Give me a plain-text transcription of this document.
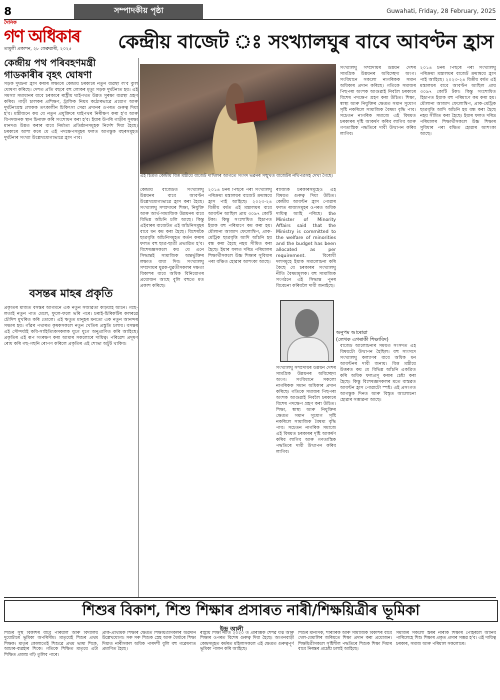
8	সম্পাদকীয় পৃষ্ঠা	Guwahati, Friday, 28 February, 2025
দৈনিক
গণ অধিকাৰ
তামুলী প্ৰকাশন, ২৮ ফেব্ৰুৱাৰী, ২০২৫	কেন্দ্ৰীয় বাজেট ঃ সংখ্যালঘুৰ বাবে আবণ্টন হ্ৰাস
কেন্দ্ৰীয় পথ পৰিবহণমন্ত্ৰী গাডকাৰীৰ বৃহৎ ঘোষণা
সড়ক দুৰ্ঘটনা হ্ৰাস কৰাৰ লক্ষ্যৰে কেন্দ্ৰীয় চৰকাৰে নতুন ব্যৱস্থা ল'ব বুলি ঘোষণা কৰিছে। দেশত প্ৰতি বছৰে বহু লোকৰ মৃত্যু সড়ক দুৰ্ঘটনাত হয়। এই সমস্যা সমাধানৰ বাবে চৰকাৰে ৰাষ্ট্ৰীয় ঘাইপথত উন্নত সুৰক্ষা ব্যৱস্থা গ্ৰহণ কৰিব। গাড়ী চালকৰ প্ৰশিক্ষণ, ট্ৰাফিক নিয়ম কঠোৰভাৱে প্ৰয়োগ আৰু দুৰ্ঘটনাগ্ৰস্ত লোকক তৎকালীন চিকিৎসা সেৱা প্ৰদানৰ ওপৰত গুৰুত্ব দিয়া হ'ব। মন্ত্ৰীজনে কয় যে নতুন প্ৰযুক্তিৰে ঘাইপথৰ নিৰীক্ষণ কৰা হ'ব আৰু বিপদজনক স্থান চিনাক্ত কৰি সংশোধন কৰা হ'ব। ইয়াৰ উপৰি গাড়ীৰ সুৰক্ষা মানদণ্ড উন্নত কৰাৰ বাবে নিৰ্মাতা প্ৰতিষ্ঠানসমূহক নিৰ্দেশ দিয়া হৈছে। চৰকাৰে আশা কৰে যে এই পদক্ষেপসমূহৰ ফলত আগন্তুক বছৰসমূহত দুৰ্ঘটনাৰ সংখ্যা উল্লেখযোগ্যভাৱে হ্ৰাস পাব।
বসন্তৰ মাহৰ প্ৰকৃতি
প্ৰকৃতিৰ মাজত বসন্তৰ আগমনে এক নতুন সজীৱতা কঢ়িয়াই আনে। গছে-লতাই নতুন পাত মেলে, ফুলে-ফলে ভৰি পৰে। চৰাই-চিৰিকটিৰ কলৰৱে চৌদিশ মুখৰিত কৰি তোলে। এই ঋতুত মানুহৰ মনতো এক নতুন আনন্দৰ সঞ্চাৰ হয়। গাঁৱৰ পথাৰত কৃষকসকলে নতুন খেতিৰ প্ৰস্তুতি চলায়। বসন্তৰ এই সৌন্দৰ্য্যই কবি-সাহিত্যিকসকলক যুগে যুগে অনুপ্ৰাণিত কৰি আহিছে। প্ৰকৃতিৰ এই ৰূপ সংৰক্ষণ কৰা আমাৰ সকলোৰে দায়িত্ব। পৰিৱেশ প্ৰদূষণ ৰোধ কৰি গছ-গছনি ৰোপণ কৰিলে প্ৰকৃতিৰ এই শোভা অটুট থাকিব।
এই চিত্ৰত কেন্দ্ৰীয় বিত্ত মন্ত্ৰীয়ে বাজেট দাখিলৰ আগতে সংসদ ভৱনৰ সন্মুখত বাজেটৰ নথিপত্ৰসহ দেখা গৈছে।
কেন্দ্ৰীয় বাজেটত সংখ্যালঘু উন্নয়নৰ বাবে আবণ্টন উল্লেখযোগ্যভাৱে হ্ৰাস কৰা হৈছে। সংখ্যালঘু সম্প্ৰদায়ৰ শিক্ষা, নিযুক্তি আৰু আৰ্থ-সামাজিক উন্নয়নৰ বাবে বিভিন্ন আঁচনি চলি আছে। কিন্তু এইবাৰৰ বাজেটত এই আঁচনিসমূহৰ বাবে ধন কম কৰা হৈছে। বিশেষকৈ ছাত্ৰবৃত্তি আঁচনিসমূহত কৰ্তন কৰাৰ ফলত বহু ছাত্ৰ-ছাত্ৰী প্ৰভাৱিত হ'ব। বিশেষজ্ঞসকলে কয় যে এনে সিদ্ধান্তই সামাজিক অন্তৰ্ভুক্তিৰ লক্ষ্যত বাধা দিব। সংখ্যালঘু সম্প্ৰদায়ৰ যুৱক-যুৱতীসকলৰ দক্ষতা বিকাশৰ বাবে অধিক বিনিয়োগৰ প্ৰয়োজন আছে বুলি বহুতে মত প্ৰকাশ কৰিছে।
২০১৪ চনৰ পিছৰে পৰা সংখ্যালঘু পৰিক্ৰমা মন্ত্ৰালয়ৰ বাজেট ক্ৰমান্বয়ে হ্ৰাস পাই আহিছে। ২০২৩-২৪ বিত্তীয় বৰ্ষত এই মন্ত্ৰালয়ৰ বাবে আবণ্টন আছিল প্ৰায় ৩০৯৭ কোটি টকা। কিন্তু সংশোধিত হিচাপত ইয়াক বহু পৰিমাণে কম কৰা হয়। মৌলানা আজাদ ফেলোশ্বিপ, প্ৰাক-মেট্ৰিক ছাত্ৰবৃত্তি আদি আঁচনি হয় বন্ধ কৰা হৈছে নহয় সীমিত কৰা হৈছে। ইয়াৰ ফলত দৰিদ্ৰ পৰিয়ালৰ শিক্ষাৰ্থীসকলে উচ্চ শিক্ষাৰ সুবিধাৰ পৰা বঞ্চিত হোৱাৰ আশংকা আছে।
ৰাজ্যিক চৰকাৰসমূহেও এই বিষয়ত গুৰুত্ব দিয়া উচিত। কেন্দ্ৰীয় আবণ্টন হ্ৰাস পোৱাৰ ফলত ৰাজ্যসমূহৰ ওপৰত অধিক দায়িত্ব আহি পৰিছে। the Minister of Minority Affairs said that the Ministry is committed to the welfare of minorities and the budget has been allocated as per requirement. বিৰোধী দলসমূহে ইয়াক সমালোচনা কৰি কৈছে যে চৰকাৰৰ সংখ্যালঘু নীতি বৈষম্যমূলক। বহু সামাজিক সংগঠনে এই সিদ্ধান্ত পুনৰ বিবেচনা কৰিবলৈ দাবী জনাইছে।
অনুপম আৰোৱা
(লেখক এগৰাকী শিক্ষাবিদ)
সংখ্যালঘু সম্প্ৰদায়ৰ উন্নয়ন দেশৰ সামগ্ৰিক উন্নয়নৰ অবিচ্ছেদ্য অংগ। সংবিধানে সকলো নাগৰিকক সমান অধিকাৰ প্ৰদান কৰিছে। গতিকে সমাজৰ পিছপৰা অংশক আগুৱাই নিবলৈ চৰকাৰে বিশেষ পদক্ষেপ গ্ৰহণ কৰা উচিত। শিক্ষা, স্বাস্থ্য আৰু নিযুক্তিৰ ক্ষেত্ৰত সমান সুযোগ সৃষ্টি নকৰিলে সামাজিক বৈষম্য বৃদ্ধি পাব। সচেতন নাগৰিক সমাজে এই বিষয়ত চৰকাৰৰ দৃষ্টি আকৰ্ষণ কৰিব লাগিব আৰু গণতান্ত্ৰিক পদ্ধতিৰে দাবী উত্থাপন কৰিব লাগিব।
সংখ্যালঘু সম্প্ৰদায়ৰ উন্নয়ন দেশৰ সামগ্ৰিক উন্নয়নৰ অবিচ্ছেদ্য অংগ। সংবিধানে সকলো নাগৰিকক সমান অধিকাৰ প্ৰদান কৰিছে। গতিকে সমাজৰ পিছপৰা অংশক আগুৱাই নিবলৈ চৰকাৰে বিশেষ পদক্ষেপ গ্ৰহণ কৰা উচিত। শিক্ষা, স্বাস্থ্য আৰু নিযুক্তিৰ ক্ষেত্ৰত সমান সুযোগ সৃষ্টি নকৰিলে সামাজিক বৈষম্য বৃদ্ধি পাব। সচেতন নাগৰিক সমাজে এই বিষয়ত চৰকাৰৰ দৃষ্টি আকৰ্ষণ কৰিব লাগিব আৰু গণতান্ত্ৰিক পদ্ধতিৰে দাবী উত্থাপন কৰিব লাগিব।
বাজেট আলোচনাৰ সময়ত সংসদত এই বিষয়টো উত্থাপন হৈছিল। বহু সাংসদে সংখ্যালঘু কল্যাণৰ বাবে অধিক ধন আবণ্টনৰ দাবী জনায়। বিত্ত মন্ত্ৰীয়ে উত্তৰত কয় যে বিভিন্ন আঁচনি একত্ৰিত কৰি অধিক ফলপ্ৰসূ কৰাৰ চেষ্টা কৰা হৈছে। কিন্তু বিশেষজ্ঞসকলৰ মতে বাস্তৱত আবণ্টন হ্ৰাস পোৱাটো স্পষ্ট। এই প্ৰসংগত আগন্তুক দিনত আৰু বিস্তৃত আলোচনা হোৱাৰ সম্ভাৱনা আছে।
২০১৪ চনৰ পিছৰে পৰা সংখ্যালঘু পৰিক্ৰমা মন্ত্ৰালয়ৰ বাজেট ক্ৰমান্বয়ে হ্ৰাস পাই আহিছে। ২০২৩-২৪ বিত্তীয় বৰ্ষত এই মন্ত্ৰালয়ৰ বাবে আবণ্টন আছিল প্ৰায় ৩০৯৭ কোটি টকা। কিন্তু সংশোধিত হিচাপত ইয়াক বহু পৰিমাণে কম কৰা হয়। মৌলানা আজাদ ফেলোশ্বিপ, প্ৰাক-মেট্ৰিক ছাত্ৰবৃত্তি আদি আঁচনি হয় বন্ধ কৰা হৈছে নহয় সীমিত কৰা হৈছে। ইয়াৰ ফলত দৰিদ্ৰ পৰিয়ালৰ শিক্ষাৰ্থীসকলে উচ্চ শিক্ষাৰ সুবিধাৰ পৰা বঞ্চিত হোৱাৰ আশংকা আছে।
শিশুৰ বিকাশ, শিশু শিক্ষাৰ প্ৰসাৰত নাৰী/শিক্ষয়িত্ৰীৰ ভূমিকা
ইন্দ্ৰ আলী
শিশুৰ সুস্থ বিকাশৰ বাবে পৰিয়াল আৰু বিদ্যালয় দুয়োটাৰে ভূমিকা অপৰিসীম। মাতৃয়েই শিশুৰ প্ৰথম শিক্ষক। মাতৃৰ কোলাতেই শিশুৱে প্ৰথম ভাষা শিকে, আচাৰ-ব্যৱহাৰ শিকে। গতিকে শিক্ষিত মাতৃয়ে এটা শিক্ষিত প্ৰজন্ম গঢ়ি তুলিব পাৰে।
প্ৰাক-প্ৰাথমিক শিক্ষাৰ ক্ষেত্ৰত শিক্ষয়িত্ৰীসকলৰ অৱদান উল্লেখযোগ্য। সৰু সৰু শিশুক স্নেহ আৰু ধৈৰ্য্যৰে শিক্ষা দিয়াত নাৰীসকল অধিক পাৰদৰ্শী বুলি বহু গৱেষণাত প্ৰমাণিত হৈছে।
ৰাষ্ট্ৰীয় শিক্ষা নীতি ২০২০ ত প্ৰাৰম্ভিক শৈশৱ যত্ন আৰু শিক্ষাৰ ওপৰত বিশেষ গুৰুত্ব দিয়া হৈছে। অংগনবাড়ী কেন্দ্ৰসমূহত কৰ্মৰত মহিলাসকলে এই ক্ষেত্ৰত গুৰুত্বপূৰ্ণ ভূমিকা পালন কৰি আহিছে।
শিশুৰ মানসিক, শাৰীৰিক আৰু সামাজিক বিকাশৰ বাবে খেল-ধেমালিৰ জৰিয়তে শিক্ষা প্ৰদান কৰা প্ৰয়োজন। শিক্ষয়িত্ৰীসকলে সৃষ্টিশীল পদ্ধতিৰে শিশুক শিক্ষা দিয়াৰ বাবে নিৰন্তৰ প্ৰচেষ্টা চলাই আহিছে।
সমাজৰ সকলো স্তৰৰ নাৰীক শিক্ষাৰ পোহৰলৈ আনিব পাৰিলেহে শিশু শিক্ষাৰ প্ৰকৃত প্ৰসাৰ সম্ভৱ হ'ব। এই দায়িত্ব চৰকাৰ, সমাজ আৰু পৰিয়াল সকলোৰে।
